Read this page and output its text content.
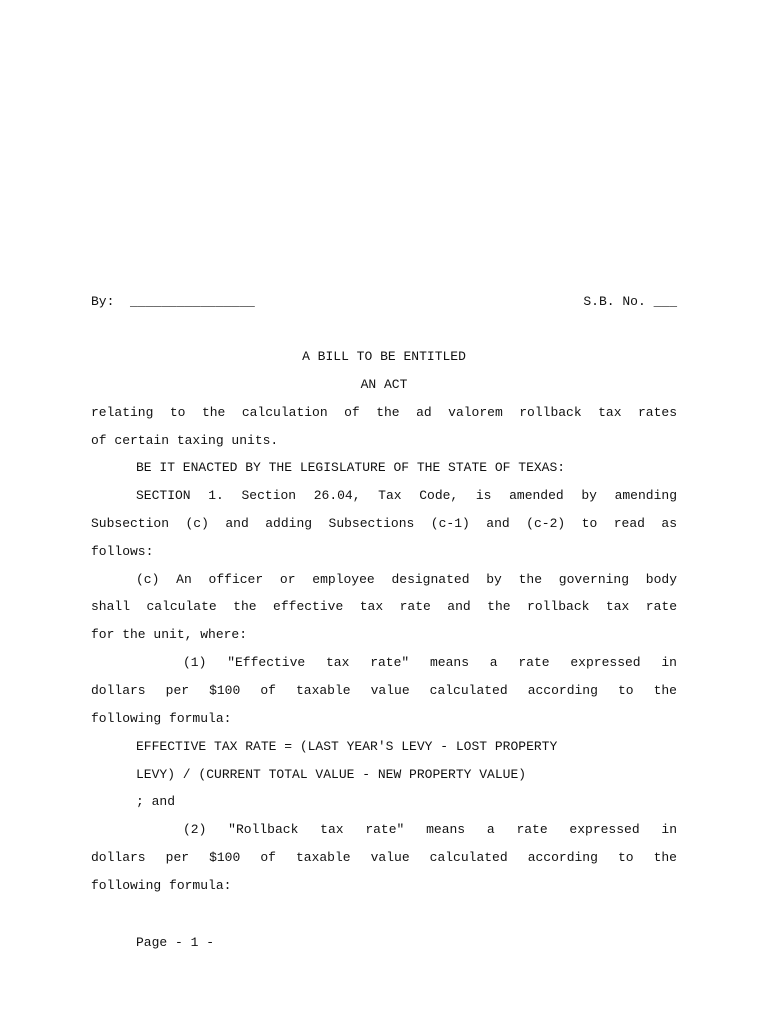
By:  ________________	S.B. No. ___
A BILL TO BE ENTITLED
AN ACT
relating to the calculation of the ad valorem rollback tax rates
of certain taxing units.
BE IT ENACTED BY THE LEGISLATURE OF THE STATE OF TEXAS:
SECTION 1. Section 26.04, Tax Code, is amended by amending
Subsection (c) and adding Subsections (c-1) and (c-2) to read as
follows:
(c) An officer or employee designated by the governing body
shall calculate the effective tax rate and the rollback tax rate
for the unit, where:
(1) "Effective tax rate" means a rate expressed in
dollars per $100 of taxable value calculated according to the
following formula:
EFFECTIVE TAX RATE = (LAST YEAR'S LEVY - LOST PROPERTY
LEVY) / (CURRENT TOTAL VALUE - NEW PROPERTY VALUE)
; and
(2) "Rollback tax rate" means a rate expressed in
dollars per $100 of taxable value calculated according to the
following formula:
Page - 1 -
